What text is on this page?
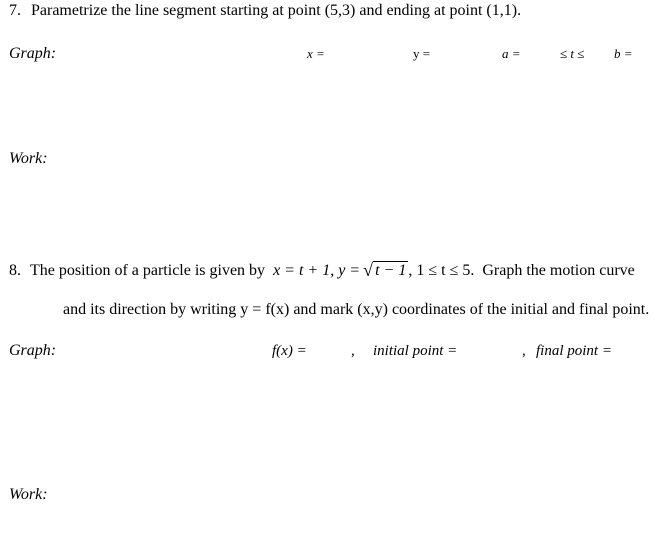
7. Parametrize the line segment starting at point (5,3) and ending at point (1,1).
Graph:	x =	y =	a =	≤ t ≤ b =
Work:
8. The position of a particle is given by x = t + 1, y = √ t − 1 , 1 ≤ t ≤ 5. Graph the motion curve
and its direction by writing y = f(x) and mark (x,y) coordinates of the initial and final point.
Graph:	f(x) =	, initial point =	, final point =
Work:
